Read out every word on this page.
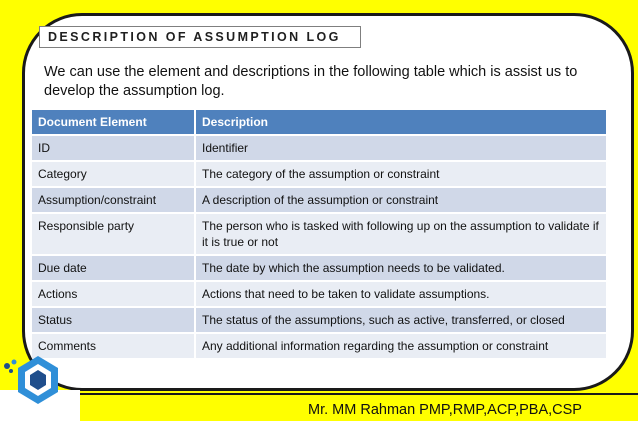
DESCRIPTION OF ASSUMPTION LOG
We can use the element and descriptions in the following table which is assist us to develop the assumption log.
Document Element	Description
ID	Identifier
Category	The category of the assumption or constraint
Assumption/constraint	A description of the assumption or constraint
Responsible party	The person who is tasked with following up on the assumption to validate if it is true or not
Due date	The date by which the assumption needs to be validated.
Actions	Actions that need to be taken to validate assumptions.
Status	The status of the assumptions, such as active, transferred, or closed
Comments	Any additional information regarding the assumption or constraint
Mr. MM Rahman PMP,RMP,ACP,PBA,CSP
